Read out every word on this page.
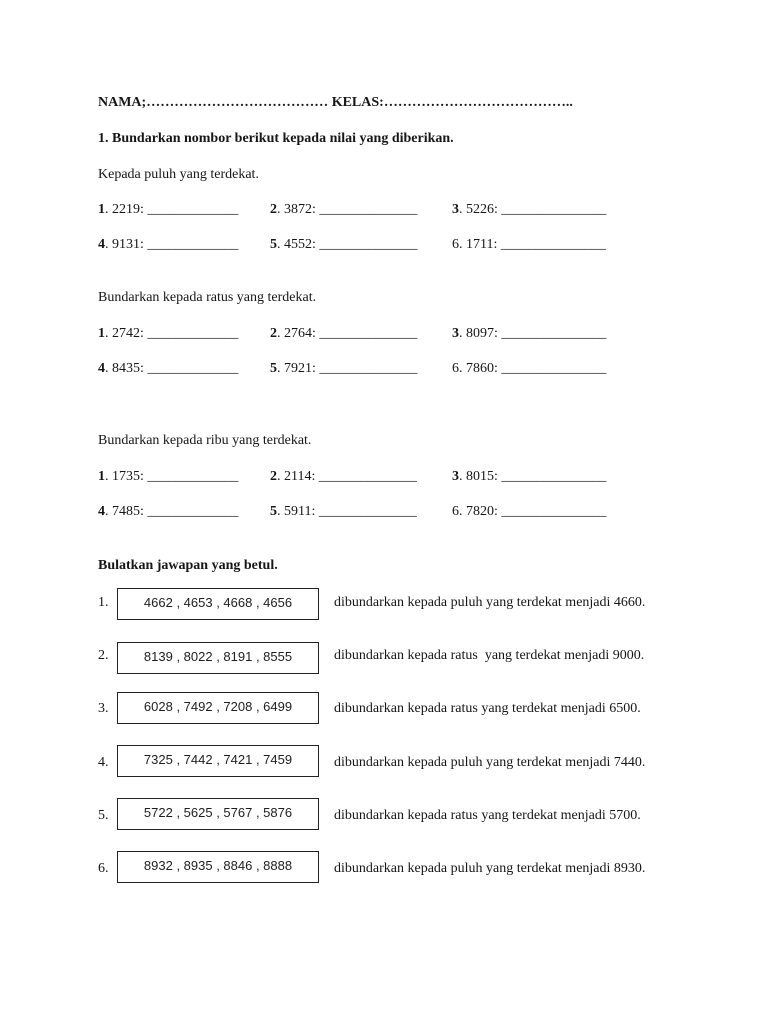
NAMA;………………………………… KELAS:…………………………………..
1. Bundarkan nombor berikut kepada nilai yang diberikan.
Kepada puluh yang terdekat.
1. 2219: _____________ 2. 3872: ______________ 3. 5226: _______________
4. 9131: _____________ 5. 4552: ______________ 6. 1711: _______________
Bundarkan kepada ratus yang terdekat.
1. 2742: _____________ 2. 2764: ______________ 3. 8097: _______________
4. 8435: _____________ 5. 7921: ______________ 6. 7860: _______________
Bundarkan kepada ribu yang terdekat.
1. 1735: _____________ 2. 2114: ______________	3. 8015: _______________
4. 7485: _____________ 5. 5911: ______________	6. 7820: _______________
Bulatkan jawapan yang betul.
1.	4662 , 4653 , 4668 , 4656	dibundarkan kepada puluh yang terdekat menjadi 4660.
2.	8139 , 8022 , 8191 , 8555	dibundarkan kepada ratus  yang terdekat menjadi 9000.
3.	6028 , 7492 , 7208 , 6499	dibundarkan kepada ratus yang terdekat menjadi 6500.
4.	7325 , 7442 , 7421 , 7459	dibundarkan kepada puluh yang terdekat menjadi 7440.
5.	5722 , 5625 , 5767 , 5876	dibundarkan kepada ratus yang terdekat menjadi 5700.
6.	8932 , 8935 , 8846 , 8888	dibundarkan kepada puluh yang terdekat menjadi 8930.
